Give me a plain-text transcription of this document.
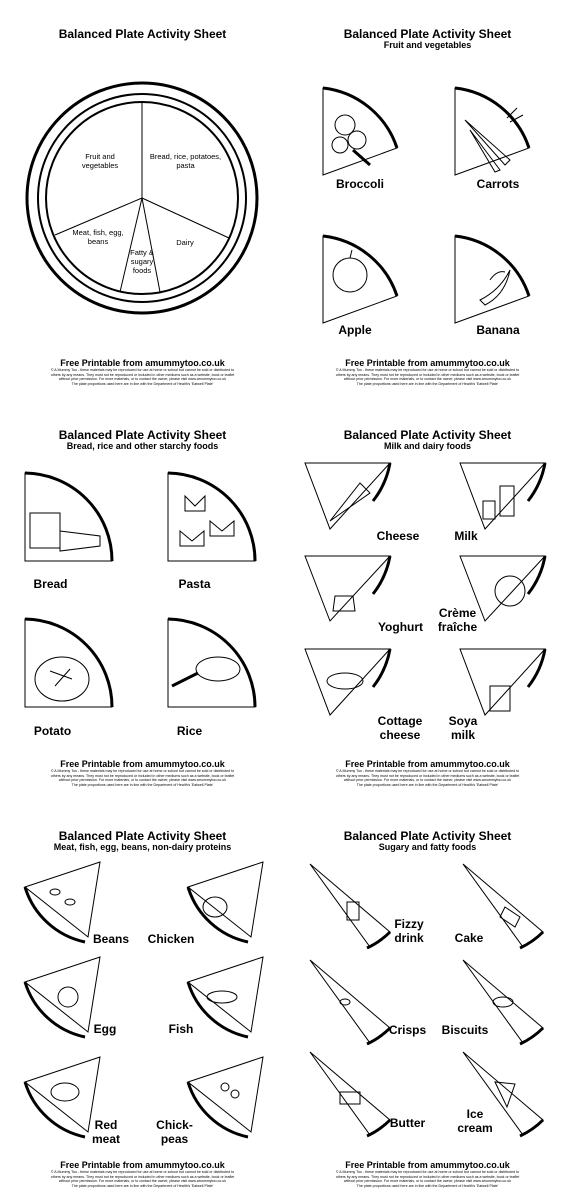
Balanced Plate Activity Sheet
Fruit and vegetables
Bread, rice, potatoes, pasta
Meat, fish, egg, beans
Fatty & sugary foods
Dairy
Free Printable from amummytoo.co.uk
© A Mummy Too - these materials may be reproduced for use at home or school but cannot be sold or distributed to
others by any means. They must not be reproduced or included in other mediums such as a website, book or leaflet
without prior permission. For more materials, or to contact the owner, please visit www.amummytoo.co.uk
The plate proportions used here are in line with the Department of Health's 'Eatwell Plate'
Balanced Plate Activity Sheet
Fruit and vegetables
Broccoli	Carrots
Apple	Banana
Free Printable from amummytoo.co.uk
© A Mummy Too - these materials may be reproduced for use at home or school but cannot be sold or distributed to
others by any means. They must not be reproduced or included in other mediums such as a website, book or leaflet
without prior permission. For more materials, or to contact the owner, please visit www.amummytoo.co.uk
The plate proportions used here are in line with the Department of Health's 'Eatwell Plate'
Balanced Plate Activity Sheet
Bread, rice and other starchy foods
Bread	Pasta
Potato	Rice
Free Printable from amummytoo.co.uk
© A Mummy Too - these materials may be reproduced for use at home or school but cannot be sold or distributed to
others by any means. They must not be reproduced or included in other mediums such as a website, book or leaflet
without prior permission. For more materials, or to contact the owner, please visit www.amummytoo.co.uk
The plate proportions used here are in line with the Department of Health's 'Eatwell Plate'
Balanced Plate Activity Sheet
Milk and dairy foods
Cheese	Milk
Yoghurt
Crème fraîche
Cottage cheese
Soya milk
Free Printable from amummytoo.co.uk
© A Mummy Too - these materials may be reproduced for use at home or school but cannot be sold or distributed to
others by any means. They must not be reproduced or included in other mediums such as a website, book or leaflet
without prior permission. For more materials, or to contact the owner, please visit www.amummytoo.co.uk
The plate proportions used here are in line with the Department of Health's 'Eatwell Plate'
Balanced Plate Activity Sheet
Meat, fish, egg, beans, non-dairy proteins
Beans Chicken
Egg	Fish
Red meat
Chick-peas
Free Printable from amummytoo.co.uk
© A Mummy Too - these materials may be reproduced for use at home or school but cannot be sold or distributed to
others by any means. They must not be reproduced or included in other mediums such as a website, book or leaflet
without prior permission. For more materials, or to contact the owner, please visit www.amummytoo.co.uk
The plate proportions used here are in line with the Department of Health's 'Eatwell Plate'
Balanced Plate Activity Sheet
Sugary and fatty foods
Fizzy drink	Cake
Crisps	Biscuits
Butter
Ice cream
Free Printable from amummytoo.co.uk
© A Mummy Too - these materials may be reproduced for use at home or school but cannot be sold or distributed to
others by any means. They must not be reproduced or included in other mediums such as a website, book or leaflet
without prior permission. For more materials, or to contact the owner, please visit www.amummytoo.co.uk
The plate proportions used here are in line with the Department of Health's 'Eatwell Plate'
